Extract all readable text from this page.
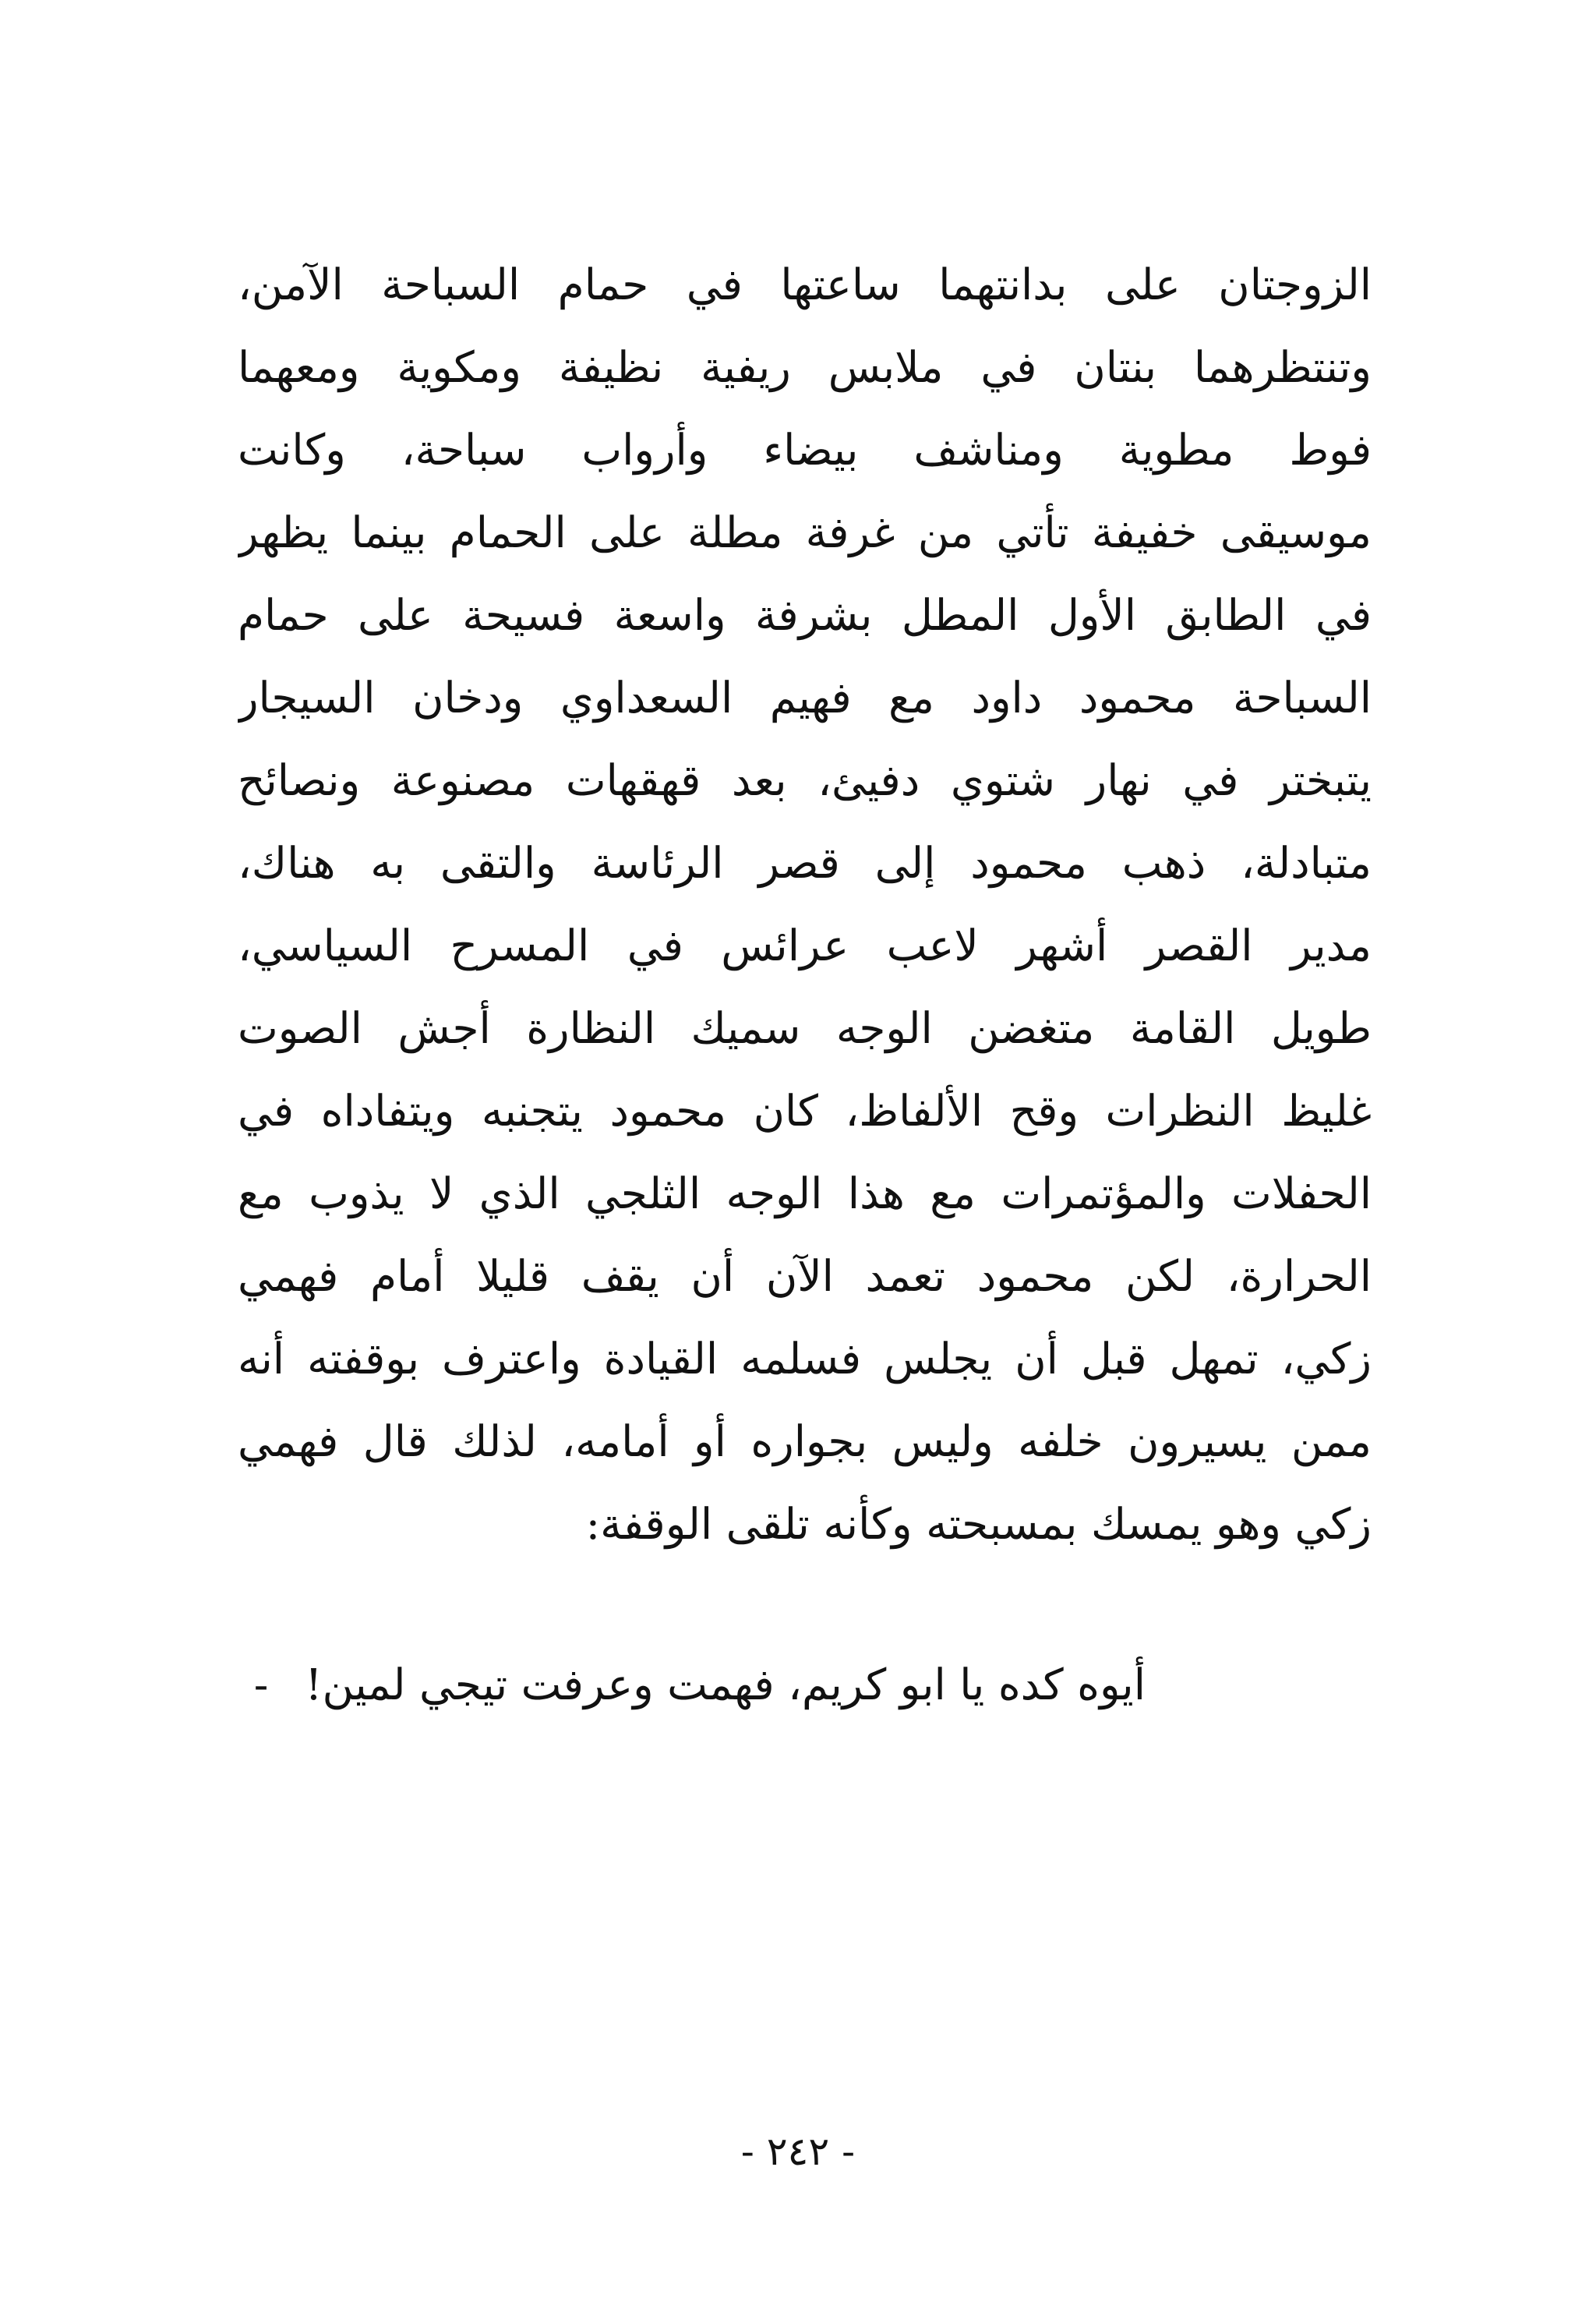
الزوجتان على بدانتهما ساعتها في حمام السباحة الآمن،
وتنتظرهما بنتان في ملابس ريفية نظيفة ومكوية ومعهما
فوط مطوية ومناشف بيضاء وأرواب سباحة، وكانت
موسيقى خفيفة تأتي من غرفة مطلة على الحمام بينما يظهر
في الطابق الأول المطل بشرفة واسعة فسيحة على حمام
السباحة محمود داود مع فهيم السعداوي ودخان السيجار
يتبختر في نهار شتوي دفيئ، بعد قهقهات مصنوعة ونصائح
متبادلة، ذهب محمود إلى قصر الرئاسة والتقى به هناك،
مدير القصر أشهر لاعب عرائس في المسرح السياسي،
طويل القامة متغضن الوجه سميك النظارة أجش الصوت
غليظ النظرات وقح الألفاظ، كان محمود يتجنبه ويتفاداه في
الحفلات والمؤتمرات مع هذا الوجه الثلجي الذي لا يذوب مع
الحرارة، لكن محمود تعمد الآن أن يقف قليلا أمام فهمي
زكي، تمهل قبل أن يجلس فسلمه القيادة واعترف بوقفته أنه
ممن يسيرون خلفه وليس بجواره أو أمامه، لذلك قال فهمي
زكي وهو يمسك بمسبحته وكأنه تلقى الوقفة:
أيوه كده يا ابو كريم، فهمت وعرفت تيجي لمين!
-
- ٢٤٢ -
